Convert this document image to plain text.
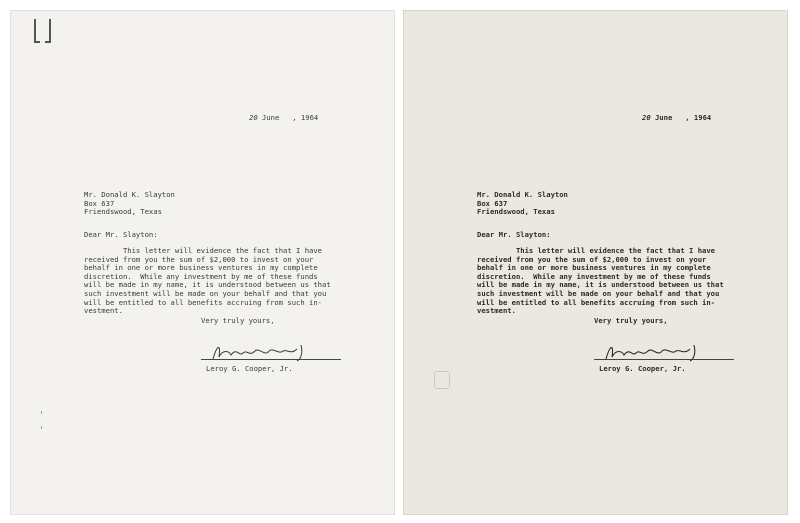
20 June   , 1964
Mr. Donald K. Slayton
Box 637
Friendswood, Texas
Dear Mr. Slayton:
This letter will evidence the fact that I have
received from you the sum of $2,000 to invest on your
behalf in one or more business ventures in my complete
discretion.  While any investment by me of these funds
will be made in my name, it is understood between us that
such investment will be made on your behalf and that you
will be entitled to all benefits accruing from such in-
vestment.
Very truly yours,
Leroy G. Cooper, Jr.
20 June   , 1964
Mr. Donald K. Slayton
Box 637
Friendswood, Texas
Dear Mr. Slayton:
This letter will evidence the fact that I have
received from you the sum of $2,000 to invest on your
behalf in one or more business ventures in my complete
discretion.  While any investment by me of these funds
will be made in my name, it is understood between us that
such investment will be made on your behalf and that you
will be entitled to all benefits accruing from such in-
vestment.
Very truly yours,
Leroy G. Cooper, Jr.
